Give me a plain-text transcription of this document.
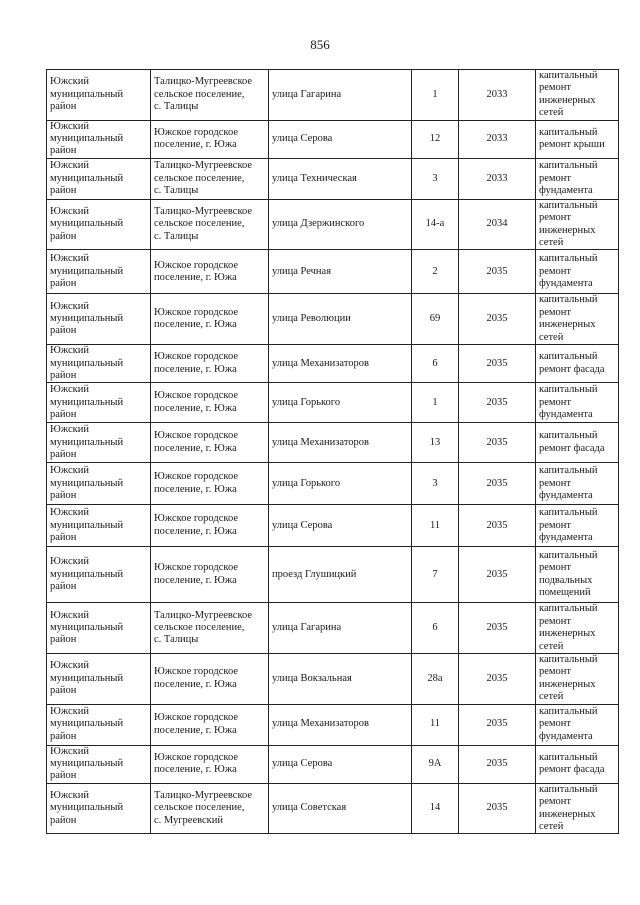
856
Южский
муниципальный
район	Талицко-Мугреевское
сельское поселение,
с. Талицы	улица Гагарина	1	2033	капитальный
ремонт
инженерных
сетей

Южский
муниципальный
район	Южское городское
поселение, г. Южа	улица Серова	12	2033	капитальный
ремонт крыши

Южский
муниципальный
район	Талицко-Мугреевское
сельское поселение,
с. Талицы	улица Техническая	3	2033	капитальный
ремонт
фундамента

Южский
муниципальный
район	Талицко-Мугреевское
сельское поселение,
с. Талицы	улица Дзержинского	14-а	2034	капитальный
ремонт
инженерных
сетей

Южский
муниципальный
район	Южское городское
поселение, г. Южа	улица Речная	2	2035	капитальный
ремонт
фундамента

Южский
муниципальный
район	Южское городское
поселение, г. Южа	улица Революции	69	2035	капитальный
ремонт
инженерных
сетей

Южский
муниципальный
район	Южское городское
поселение, г. Южа	улица Механизаторов	6	2035	капитальный
ремонт фасада

Южский
муниципальный
район	Южское городское
поселение, г. Южа	улица Горького	1	2035	капитальный
ремонт
фундамента

Южский
муниципальный
район	Южское городское
поселение, г. Южа	улица Механизаторов	13	2035	капитальный
ремонт фасада

Южский
муниципальный
район	Южское городское
поселение, г. Южа	улица Горького	3	2035	капитальный
ремонт
фундамента

Южский
муниципальный
район	Южское городское
поселение, г. Южа	улица Серова	11	2035	капитальный
ремонт
фундамента

Южский
муниципальный
район	Южское городское
поселение, г. Южа	проезд Глушицкий	7	2035	капитальный
ремонт
подвальных
помещений

Южский
муниципальный
район	Талицко-Мугреевское
сельское поселение,
с. Талицы	улица Гагарина	6	2035	капитальный
ремонт
инженерных
сетей

Южский
муниципальный
район	Южское городское
поселение, г. Южа	улица Вокзальная	28а	2035	капитальный
ремонт
инженерных
сетей

Южский
муниципальный
район	Южское городское
поселение, г. Южа	улица Механизаторов	11	2035	капитальный
ремонт
фундамента

Южский
муниципальный
район	Южское городское
поселение, г. Южа	улица Серова	9А	2035	капитальный
ремонт фасада

Южский
муниципальный
район	Талицко-Мугреевское
сельское поселение,
с. Мугреевский	улица Советская	14	2035	капитальный
ремонт
инженерных
сетей
